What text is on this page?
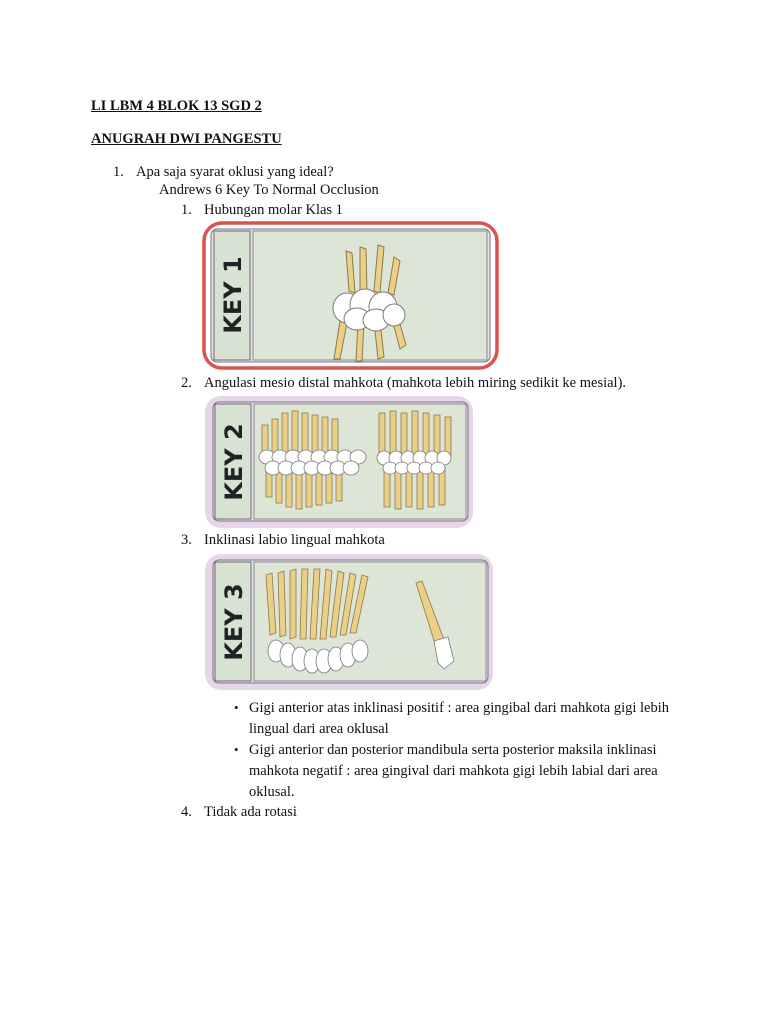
LI LBM 4 BLOK 13 SGD 2
ANUGRAH DWI PANGESTU
1. Apa saja syarat oklusi yang ideal?
Andrews 6 Key To Normal Occlusion
1. Hubungan molar Klas 1
KEY 1
2. Angulasi mesio distal mahkota (mahkota lebih miring sedikit ke mesial).
KEY 2
3. Inklinasi labio lingual mahkota
KEY 3
• Gigi anterior atas inklinasi positif : area gingibal dari mahkota gigi lebih
lingual dari area oklusal
• Gigi anterior dan posterior mandibula serta posterior maksila inklinasi
mahkota negatif : area gingival dari mahkota gigi lebih labial dari area
oklusal.
4. Tidak ada rotasi
